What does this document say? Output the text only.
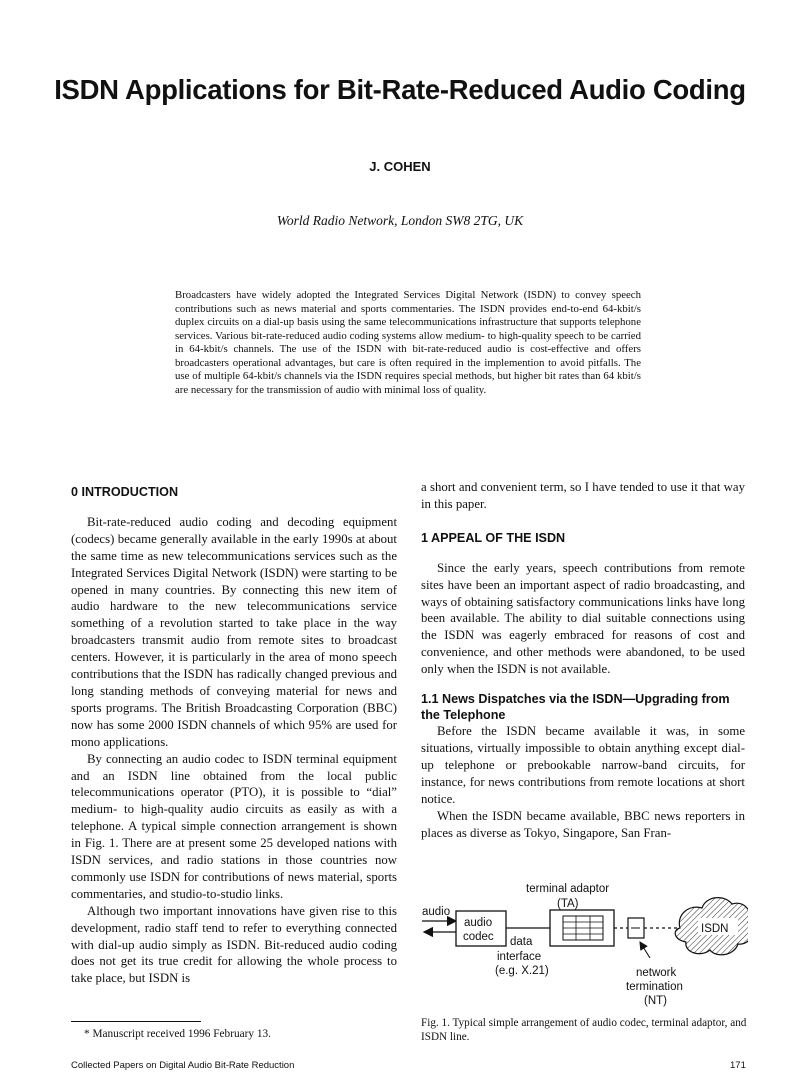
ISDN Applications for Bit-Rate-Reduced Audio Coding
J. COHEN
World Radio Network, London SW8 2TG, UK
Broadcasters have widely adopted the Integrated Services Digital Network (ISDN) to convey speech contributions such as news material and sports commentaries. The ISDN provides end-to-end 64-kbit/s duplex circuits on a dial-up basis using the same telecommunications infrastructure that supports telephone services. Various bit-rate-reduced audio coding systems allow medium- to high-quality speech to be carried in 64-kbit/s channels. The use of the ISDN with bit-rate-reduced audio is cost-effective and offers broadcasters operational advantages, but care is often required in the implemention to avoid pitfalls. The use of multiple 64-kbit/s channels via the ISDN requires special methods, but higher bit rates than 64 kbit/s are necessary for the transmission of audio with minimal loss of quality.
0 INTRODUCTION

Bit-rate-reduced audio coding and decoding equipment (codecs) became generally available in the early 1990s at about the same time as new telecommunications services such as the Integrated Services Digital Network (ISDN) were starting to be opened in many countries. By connecting this new item of audio hardware to the new telecommunications service something of a revolution started to take place in the way broadcasters transmit audio from remote sites to broadcast centers. However, it is particularly in the area of mono speech contributions that the ISDN has radically changed previous and long standing methods of conveying material for news and sports programs. The British Broadcasting Corporation (BBC) now has some 2000 ISDN channels of which 95% are used for mono applications.

By connecting an audio codec to ISDN terminal equipment and an ISDN line obtained from the local public telecommunications operator (PTO), it is possible to “dial” medium- to high-quality audio circuits as easily as with a telephone. A typical simple connection arrangement is shown in Fig. 1. There are at present some 25 developed nations with ISDN services, and radio stations in those countries now commonly use ISDN for contributions of news material, sports commentaries, and studio-to-studio links.

Although two important innovations have given rise to this development, radio staff tend to refer to everything connected with dial-up audio simply as ISDN. Bit-reduced audio coding does not get its true credit for allowing the whole process to take place, but ISDN is

a short and convenient term, so I have tended to use it that way in this paper.

1 APPEAL OF THE ISDN

Since the early years, speech contributions from remote sites have been an important aspect of radio broadcasting, and ways of obtaining satisfactory communications links have long been available. The ability to dial suitable connections using the ISDN was eagerly embraced for reasons of cost and convenience, and other methods were abandoned, to be used only when the ISDN is not available.

1.1 News Dispatches via the ISDN—Upgrading from the Telephone

Before the ISDN became available it was, in some situations, virtually impossible to obtain anything except dial-up telephone or prebookable narrow-band circuits, for instance, for news contributions from remote locations at short notice.

When the ISDN became available, BBC news reporters in places as diverse as Tokyo, Singapore, San Fran-

terminal adaptor
(TA)
audio
audio
codec data
interface
(e.g. X.21)	network
termination
(NT)
ISDN
Fig. 1. Typical simple arrangement of audio codec, terminal adaptor, and ISDN line.
* Manuscript received 1996 February 13.
Collected Papers on Digital Audio Bit-Rate Reduction	171
